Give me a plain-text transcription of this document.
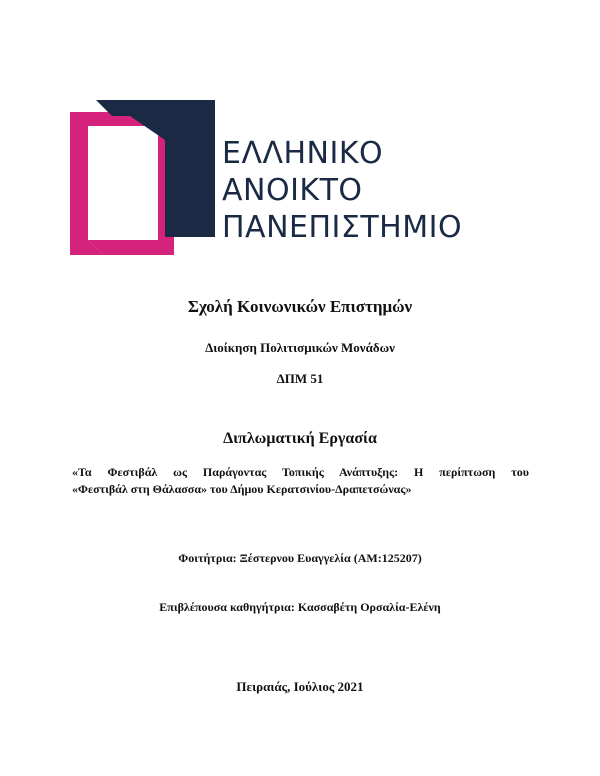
ΕΛΛΗΝΙΚΟ
ΑΝΟΙΚΤΟ
ΠΑΝΕΠΙΣΤΗΜΙΟ
Σχολή Κοινωνικών Επιστημών
Διοίκηση Πολιτισμικών Μονάδων
ΔΠΜ 51
Διπλωματική Εργασία
«Τα Φεστιβάλ ως Παράγοντας Τοπικής Ανάπτυξης: Η περίπτωση του
«Φεστιβάλ στη Θάλασσα» του Δήμου Κερατσινίου-Δραπετσώνας»
Φοιτήτρια: Ξέστερνου Ευαγγελία (ΑΜ:125207)
Επιβλέπουσα καθηγήτρια: Κασσαβέτη Ορσαλία-Ελένη
Πειραιάς, Ιούλιος 2021
